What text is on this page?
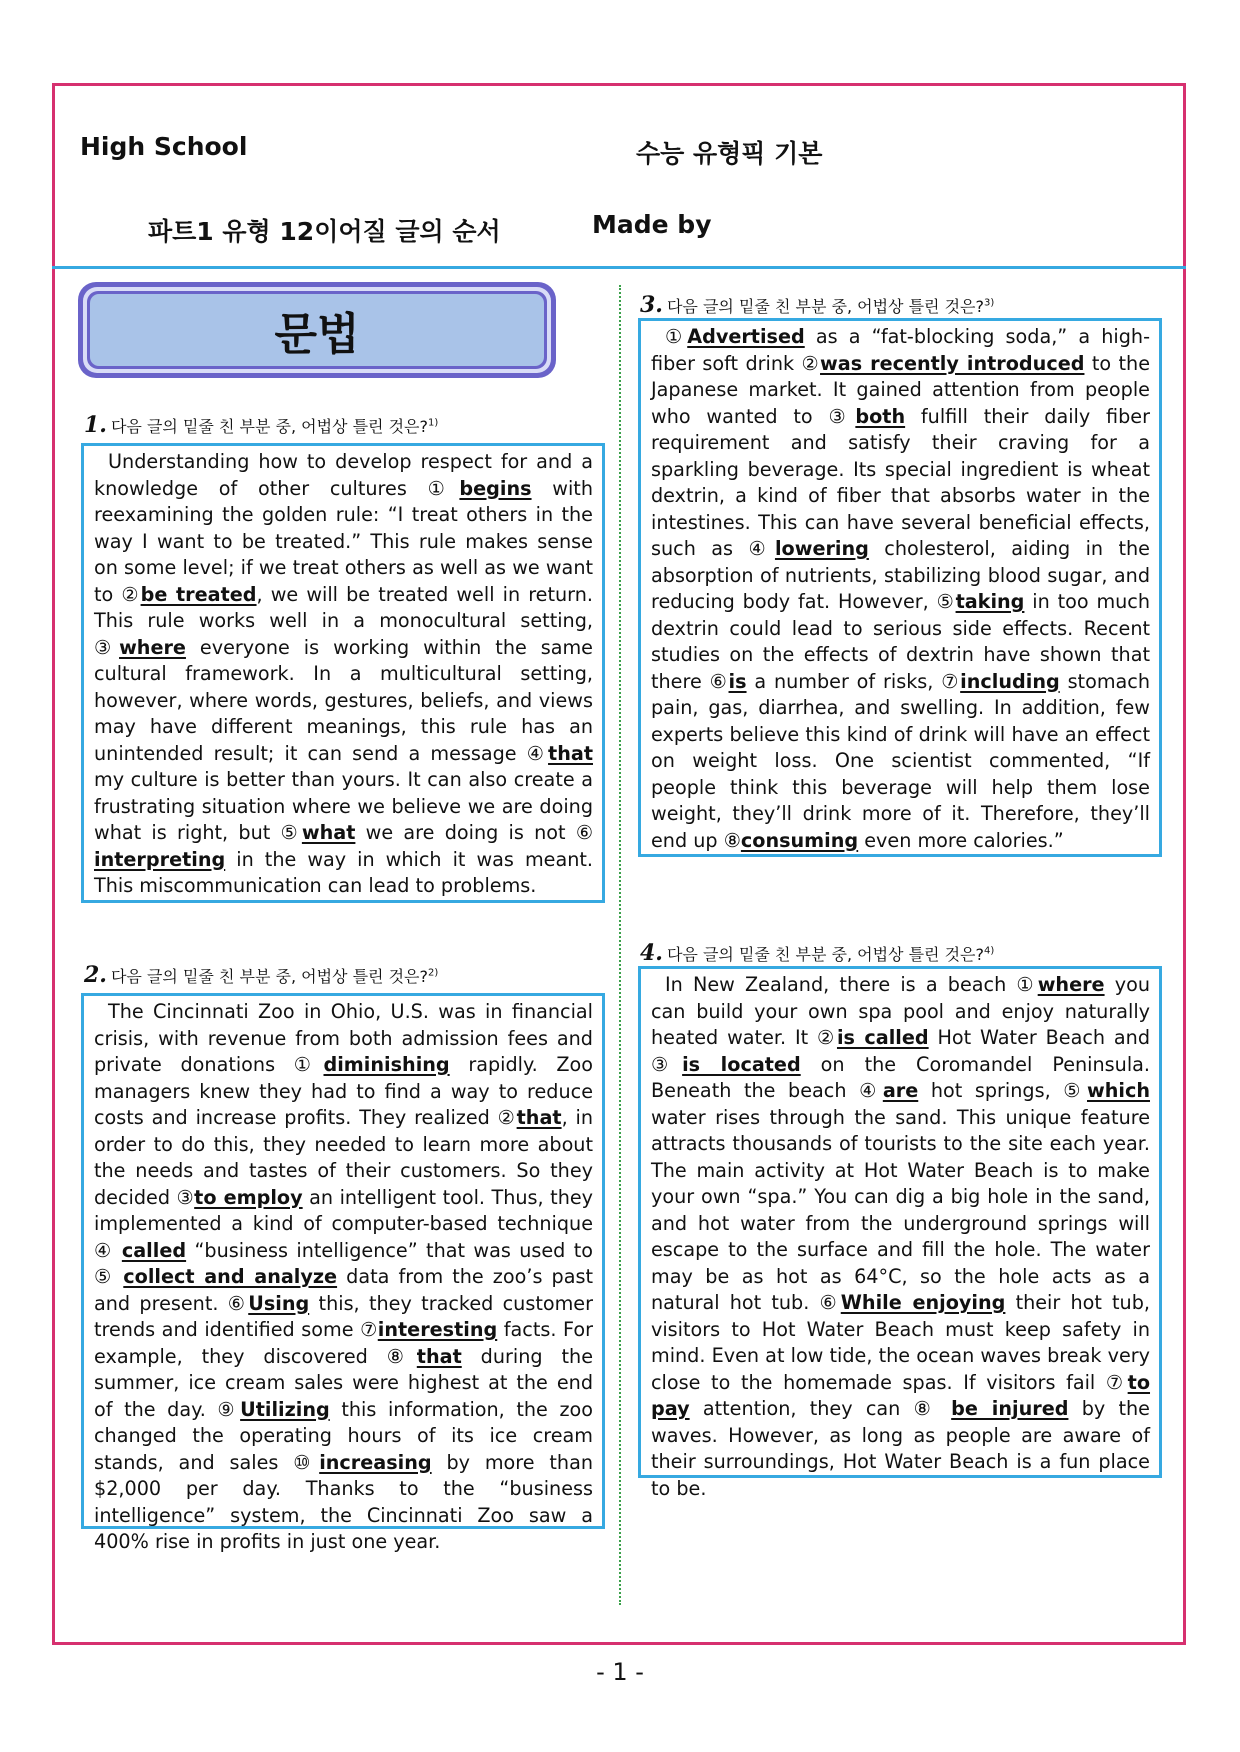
High School	수능 유형픽 기본
파트1 유형 12이어질 글의 순서	Made by
문법
1. 다음 글의 밑줄 친 부분 중, 어법상 틀린 것은?$^{1)}$

Understanding how to develop respect for and a knowledge of other cultures ①begins with reexamining the golden rule: “I treat others in the way I want to be treated.” This rule makes sense on some level; if we treat others as well as we want to ②be treated, we will be treated well in return. This rule works well in a monocultural setting, ③where everyone is working within the same cultural framework. In a multicultural setting, however, where words, gestures, beliefs, and views may have different meanings, this rule has an unintended result; it can send a message ④that my culture is better than yours. It can also create a frustrating situation where we believe we are doing what is right, but ⑤what we are doing is not ⑥ interpreting in the way in which it was meant. This miscommunication can lead to problems.

2. 다음 글의 밑줄 친 부분 중, 어법상 틀린 것은?$^{2)}$

The Cincinnati Zoo in Ohio, U.S. was in financial crisis, with revenue from both admission fees and private donations ①diminishing rapidly. Zoo managers knew they had to find a way to reduce costs and increase profits. They realized ②that, in order to do this, they needed to learn more about the needs and tastes of their customers. So they decided ③to employ an intelligent tool. Thus, they implemented a kind of computer-based technique ④ called “business intelligence” that was used to ⑤ collect and analyze data from the zoo’s past and present. ⑥Using this, they tracked customer trends and identified some ⑦interesting facts. For example, they discovered ⑧that during the summer, ice cream sales were highest at the end of the day. ⑨Utilizing this information, the zoo changed the operating hours of its ice cream stands, and sales ⑩increasing by more than $2,000 per day. Thanks to the “business intelligence” system, the Cincinnati Zoo saw a 400% rise in profits in just one year.

3. 다음 글의 밑줄 친 부분 중, 어법상 틀린 것은?$^{3)}$

①Advertised as a “fat-blocking soda,” a high-fiber soft drink ②was recently introduced to the Japanese market. It gained attention from people who wanted to ③both fulfill their daily fiber requirement and satisfy their craving for a sparkling beverage. Its special ingredient is wheat dextrin, a kind of fiber that absorbs water in the intestines. This can have several beneficial effects, such as ④lowering cholesterol, aiding in the absorption of nutrients, stabilizing blood sugar, and reducing body fat. However, ⑤taking in too much dextrin could lead to serious side effects. Recent studies on the effects of dextrin have shown that there ⑥is a number of risks, ⑦including stomach pain, gas, diarrhea, and swelling. In addition, few experts believe this kind of drink will have an effect on weight loss. One scientist commented, “If people think this beverage will help them lose weight, they’ll drink more of it. Therefore, they’ll end up ⑧consuming even more calories.”

4. 다음 글의 밑줄 친 부분 중, 어법상 틀린 것은?$^{4)}$

In New Zealand, there is a beach ①where you can build your own spa pool and enjoy naturally heated water. It ②is called Hot Water Beach and ③is located on the Coromandel Peninsula. Beneath the beach ④are hot springs, ⑤which water rises through the sand. This unique feature attracts thousands of tourists to the site each year. The main activity at Hot Water Beach is to make your own “spa.” You can dig a big hole in the sand, and hot water from the underground springs will escape to the surface and fill the hole. The water may be as hot as 64°C, so the hole acts as a natural hot tub. ⑥While enjoying their hot tub, visitors to Hot Water Beach must keep safety in mind. Even at low tide, the ocean waves break very close to the homemade spas. If visitors fail ⑦to pay attention, they can ⑧ be injured by the waves. However, as long as people are aware of their surroundings, Hot Water Beach is a fun place to be.

- 1 -
